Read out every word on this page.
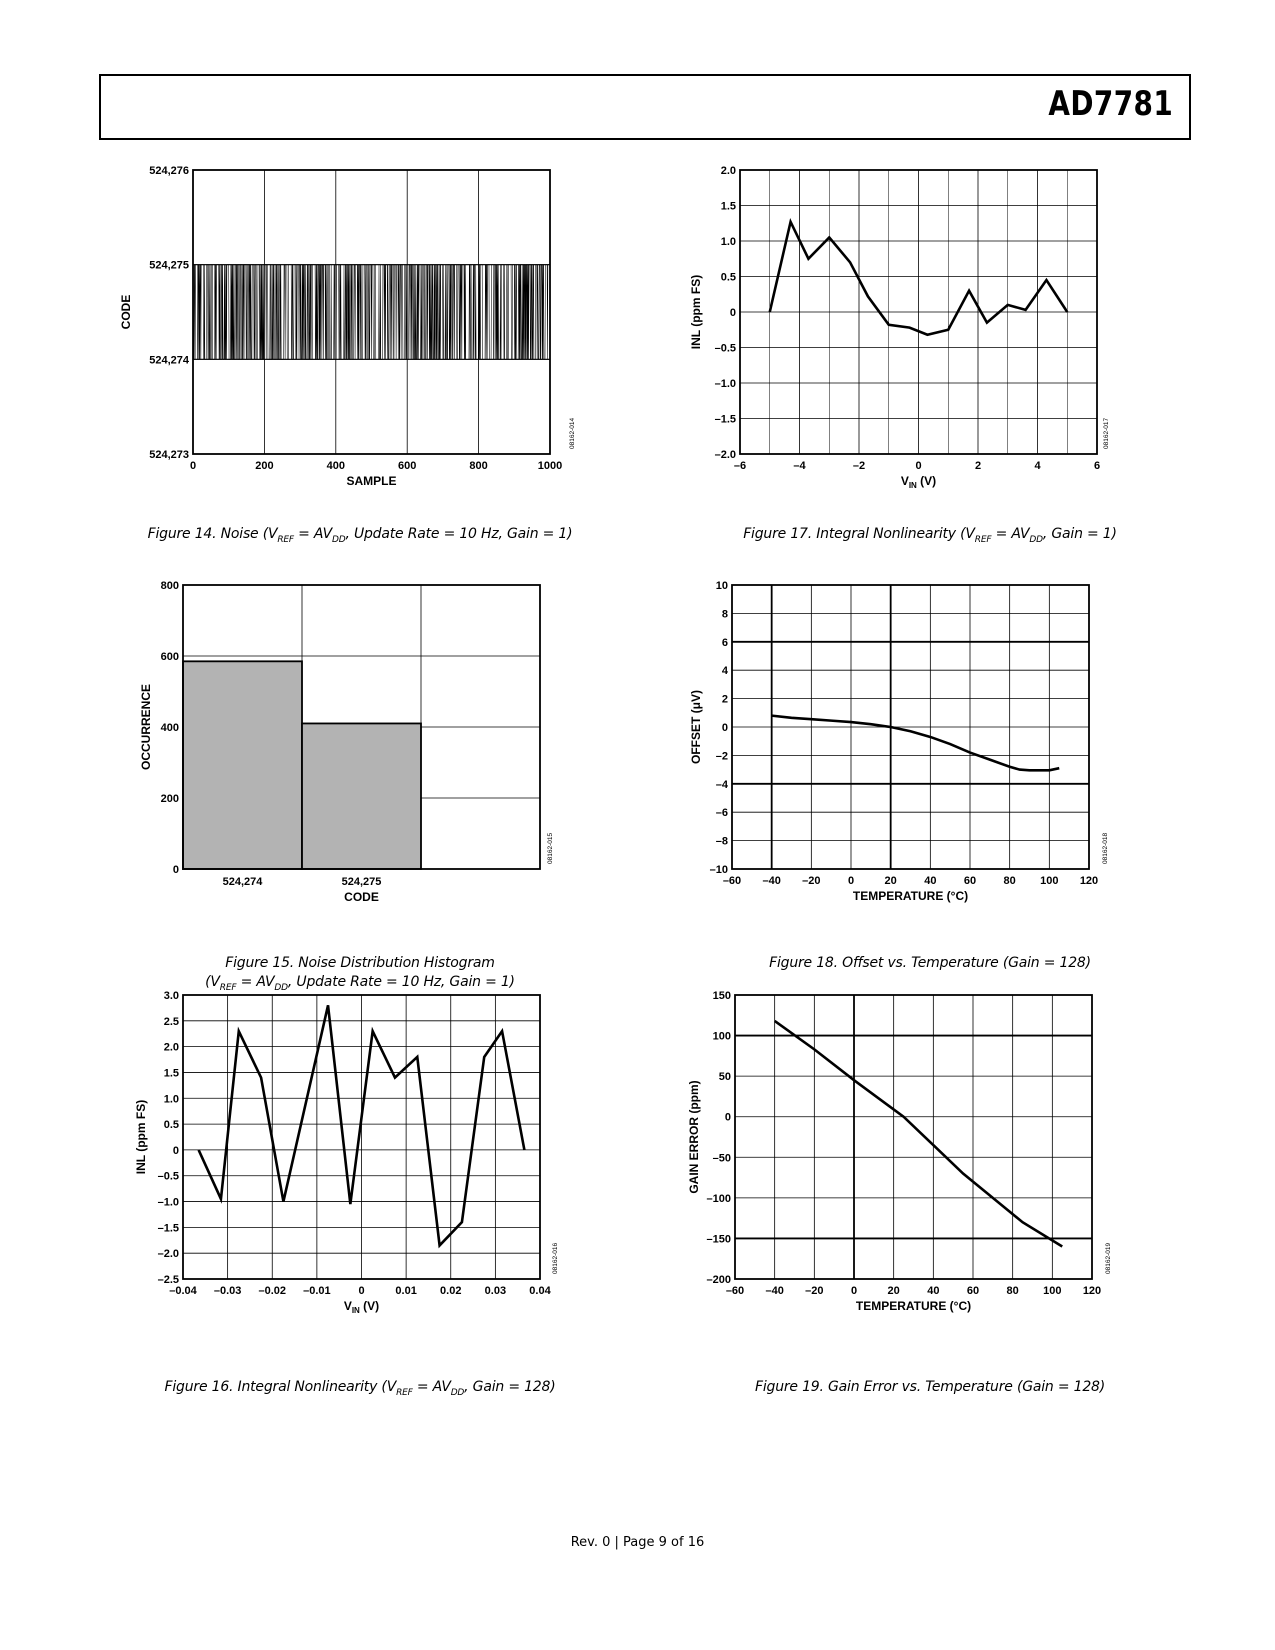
AD7781
524,273
524,274
524,275
524,276
0	200	400	600	800	1000
SAMPLE
CODE
08162-014
–2.0
–1.5
–1.0
–0.5
0
0.5
1.0
1.5
2.0
–6	–4	–2	0	2	4	6
$V_{IN}$ (V)
INL (ppm FS)
08162-017
524,274	524,275
0
200
400
600
800
CODE
OCCURRENCE
08162-015
–10
–8
–6
–4
–2
0
2
4
6
8
10
–60 –40 –20 0	20 40 60 80 100 120
TEMPERATURE (°C)
OFFSET (μV)
08162-018
–2.5
–2.0
–1.5
–1.0
–0.5
0
0.5
1.0
1.5
2.0
2.5
3.0
–0.04 –0.03 –0.02 –0.01	0	0.01 0.02 0.03 0.04
$V_{IN}$ (V)
INL (ppm FS)
08162-016
–200
–150
–100
–50
0
50
100
150
–60 –40 –20 0	20 40 60 80 100 120
TEMPERATURE (°C)
GAIN ERROR (ppm)
08162-019
Figure 14. Noise ($V_{REF} = AV_{DD}$, Update Rate = 10 Hz, Gain = 1)	Figure 17. Integral Nonlinearity ($V_{REF} = AV_{DD}$, Gain = 1)
Figure 15. Noise Distribution Histogram
($V_{REF} = AV_{DD}$, Update Rate = 10 Hz, Gain = 1)
Figure 18. Offset vs. Temperature (Gain = 128)
Figure 16. Integral Nonlinearity ($V_{REF} = AV_{DD}$, Gain = 128)	Figure 19. Gain Error vs. Temperature (Gain = 128)
Rev. 0 | Page 9 of 16
